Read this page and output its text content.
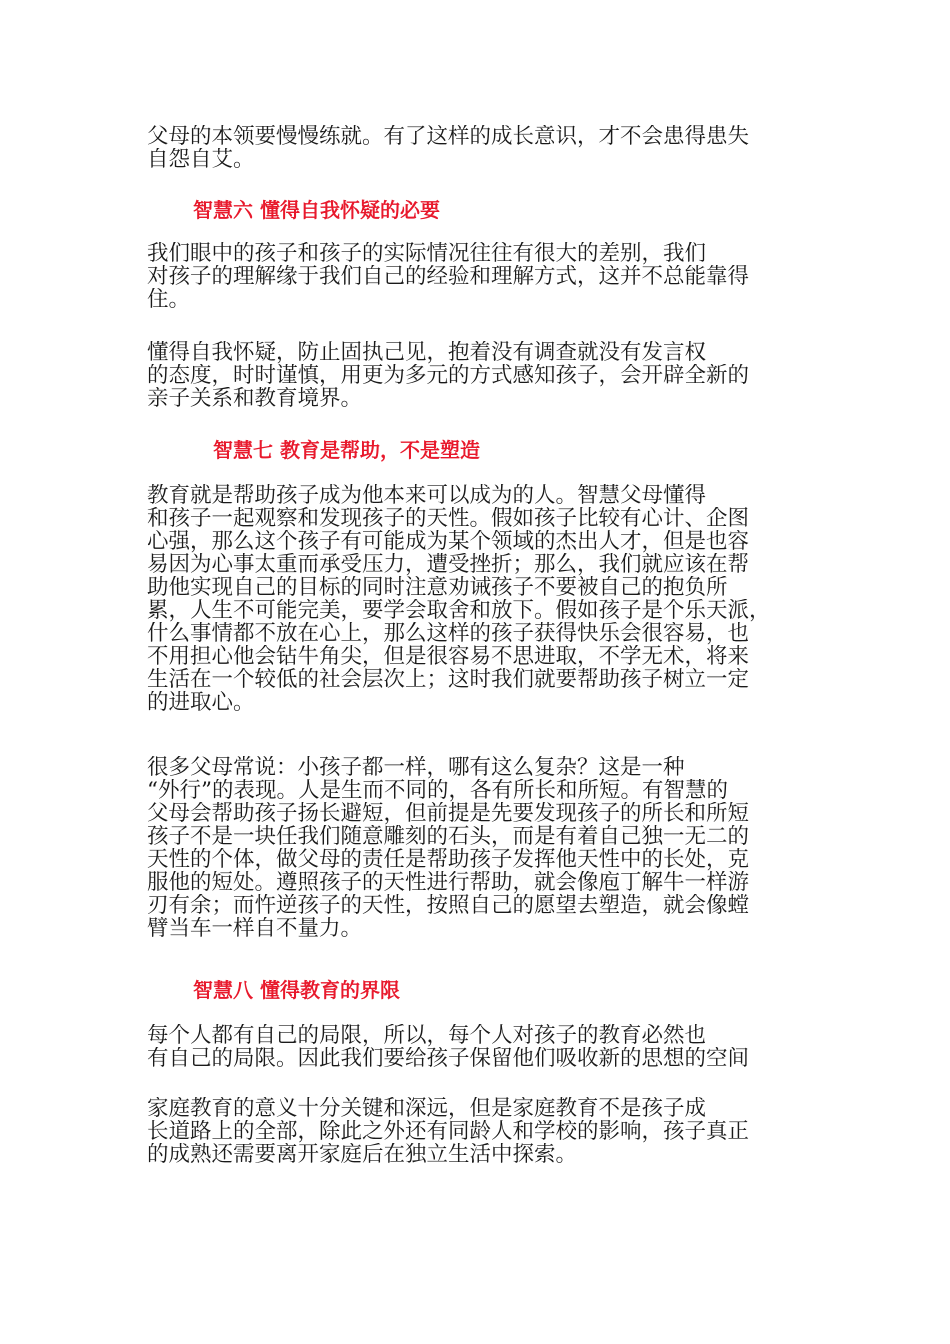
父母的本领要慢慢练就。有了这样的成长意识，才不会患得患失
自怨自艾。
智慧六 懂得自我怀疑的必要
我们眼中的孩子和孩子的实际情况往往有很大的差别，我们
对孩子的理解缘于我们自己的经验和理解方式，这并不总能靠得
住。
懂得自我怀疑，防止固执己见，抱着没有调查就没有发言权
的态度，时时谨慎，用更为多元的方式感知孩子，会开辟全新的
亲子关系和教育境界。
智慧七 教育是帮助，不是塑造
教育就是帮助孩子成为他本来可以成为的人。智慧父母懂得
和孩子一起观察和发现孩子的天性。假如孩子比较有心计、企图
心强，那么这个孩子有可能成为某个领域的杰出人才，但是也容
易因为心事太重而承受压力，遭受挫折；那么，我们就应该在帮
助他实现自己的目标的同时注意劝诫孩子不要被自己的抱负所
累，人生不可能完美，要学会取舍和放下。假如孩子是个乐天派，
什么事情都不放在心上，那么这样的孩子获得快乐会很容易，也
不用担心他会钻牛角尖，但是很容易不思进取，不学无术，将来
生活在一个较低的社会层次上；这时我们就要帮助孩子树立一定
的进取心。
很多父母常说：小孩子都一样，哪有这么复杂？这是一种
“外行”的表现。人是生而不同的，各有所长和所短。有智慧的
父母会帮助孩子扬长避短，但前提是先要发现孩子的所长和所短
孩子不是一块任我们随意雕刻的石头，而是有着自己独一无二的
天性的个体，做父母的责任是帮助孩子发挥他天性中的长处，克
服他的短处。遵照孩子的天性进行帮助，就会像庖丁解牛一样游
刃有余；而忤逆孩子的天性，按照自己的愿望去塑造，就会像螳
臂当车一样自不量力。
智慧八 懂得教育的界限
每个人都有自己的局限，所以，每个人对孩子的教育必然也
有自己的局限。因此我们要给孩子保留他们吸收新的思想的空间
家庭教育的意义十分关键和深远，但是家庭教育不是孩子成
长道路上的全部，除此之外还有同龄人和学校的影响，孩子真正
的成熟还需要离开家庭后在独立生活中探索。
